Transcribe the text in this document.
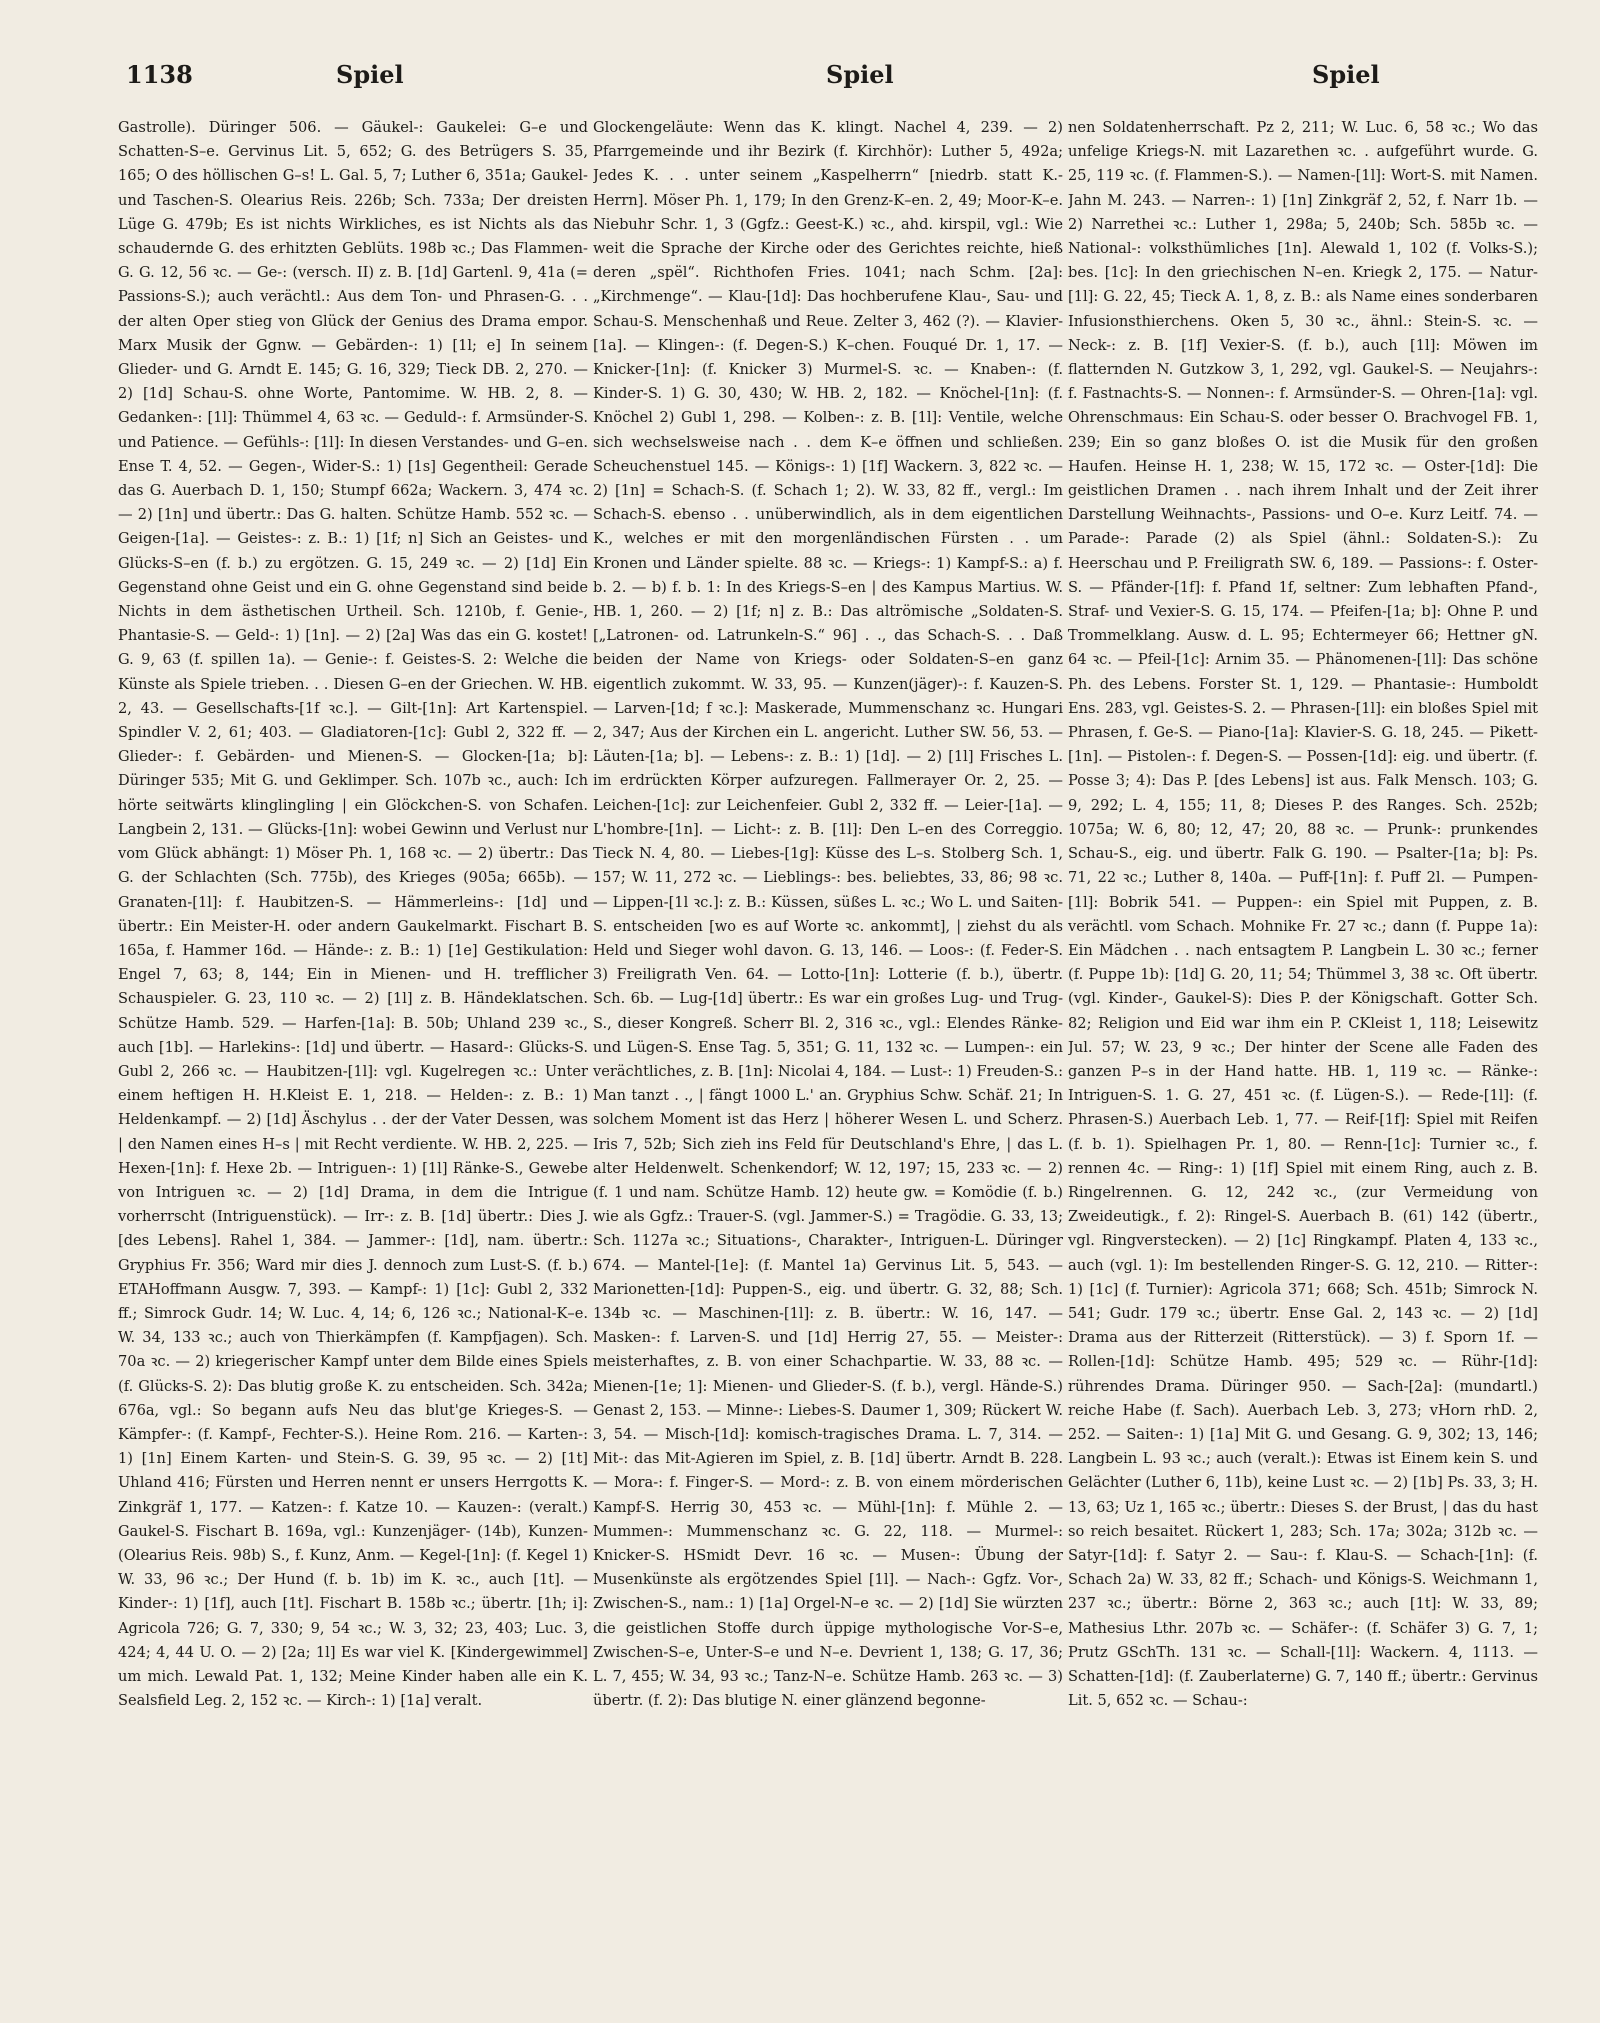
1138	Spiel	Spiel	Spiel

Gastrolle). Düringer 506. — Gäukel-: Gaukelei: G–e und Schatten-S–e. Gervinus Lit. 5, 652; G. des Betrügers S. 35, 165; O des höllischen G–s! L. Gal. 5, 7; Luther 6, 351a; Gaukel- und Taschen-S. Olearius Reis. 226b; Sch. 733a; Der dreisten Lüge G. 479b; Es ist nichts Wirkliches, es ist Nichts als das schaudernde G. des erhitzten Geblüts. 198b ꝛc.; Das Flammen-G. G. 12, 56 ꝛc. — Ge-: (versch. II) z. B. [1d] Gartenl. 9, 41a (= Passions-S.); auch verächtl.: Aus dem Ton- und Phrasen-G. . . der alten Oper stieg von Glück der Genius des Drama empor. Marx Musik der Ggnw. — Gebärden-: 1) [1l; e] In seinem Glieder- und G. Arndt E. 145; G. 16, 329; Tieck DB. 2, 270. — 2) [1d] Schau-S. ohne Worte, Pantomime. W. HB. 2, 8. — Gedanken-: [1l]: Thümmel 4, 63 ꝛc. — Geduld-: f. Armsünder-S. und Patience. — Gefühls-: [1l]: In diesen Verstandes- und G–en. Ense T. 4, 52. — Gegen-, Wider-S.: 1) [1s] Gegentheil: Gerade das G. Auerbach D. 1, 150; Stumpf 662a; Wackern. 3, 474 ꝛc. — 2) [1n] und übertr.: Das G. halten. Schütze Hamb. 552 ꝛc. — Geigen-[1a]. — Geistes-: z. B.: 1) [1f; n] Sich an Geistes- und Glücks-S–en (f. b.) zu ergötzen. G. 15, 249 ꝛc. — 2) [1d] Ein Gegenstand ohne Geist und ein G. ohne Gegenstand sind beide Nichts in dem ästhetischen Urtheil. Sch. 1210b, f. Genie-, Phantasie-S. — Geld-: 1) [1n]. — 2) [2a] Was das ein G. kostet! G. 9, 63 (f. spillen 1a). — Genie-: f. Geistes-S. 2: Welche die Künste als Spiele trieben. . . Diesen G–en der Griechen. W. HB. 2, 43. — Gesellschafts-[1f ꝛc.]. — Gilt-[1n]: Art Kartenspiel. Spindler V. 2, 61; 403. — Gladiatoren-[1c]: Gubl 2, 322 ff. — Glieder-: f. Gebärden- und Mienen-S. — Glocken-[1a; b]: Düringer 535; Mit G. und Geklimper. Sch. 107b ꝛc., auch: Ich hörte seitwärts klinglingling | ein Glöckchen-S. von Schafen. Langbein 2, 131. — Glücks-[1n]: wobei Gewinn und Verlust nur vom Glück abhängt: 1) Möser Ph. 1, 168 ꝛc. — 2) übertr.: Das G. der Schlachten (Sch. 775b), des Krieges (905a; 665b). — Granaten-[1l]: f. Haubitzen-S. — Hämmerleins-: [1d] und übertr.: Ein Meister-H. oder andern Gaukelmarkt. Fischart B. 165a, f. Hammer 16d. — Hände-: z. B.: 1) [1e] Gestikulation: Engel 7, 63; 8, 144; Ein in Mienen- und H. trefflicher Schauspieler. G. 23, 110 ꝛc. — 2) [1l] z. B. Händeklatschen. Schütze Hamb. 529. — Harfen-[1a]: B. 50b; Uhland 239 ꝛc., auch [1b]. — Harlekins-: [1d] und übertr. — Hasard-: Glücks-S. Gubl 2, 266 ꝛc. — Haubitzen-[1l]: vgl. Kugelregen ꝛc.: Unter einem heftigen H. H.Kleist E. 1, 218. — Helden-: z. B.: 1) Heldenkampf. — 2) [1d] Äschylus . . der der Vater Dessen, was | den Namen eines H–s | mit Recht verdiente. W. HB. 2, 225. — Hexen-[1n]: f. Hexe 2b. — Intriguen-: 1) [1l] Ränke-S., Gewebe von Intriguen ꝛc. — 2) [1d] Drama, in dem die Intrigue vorherrscht (Intriguenstück). — Irr-: z. B. [1d] übertr.: Dies J. [des Lebens]. Rahel 1, 384. — Jammer-: [1d], nam. übertr.: Gryphius Fr. 356; Ward mir dies J. dennoch zum Lust-S. (f. b.) ETAHoffmann Ausgw. 7, 393. — Kampf-: 1) [1c]: Gubl 2, 332 ff.; Simrock Gudr. 14; W. Luc. 4, 14; 6, 126 ꝛc.; National-K–e. W. 34, 133 ꝛc.; auch von Thierkämpfen (f. Kampfjagen). Sch. 70a ꝛc. — 2) kriegerischer Kampf unter dem Bilde eines Spiels (f. Glücks-S. 2): Das blutig große K. zu entscheiden. Sch. 342a; 676a, vgl.: So begann aufs Neu das blut'ge Krieges-S. — Kämpfer-: (f. Kampf-, Fechter-S.). Heine Rom. 216. — Karten-: 1) [1n] Einem Karten- und Stein-S. G. 39, 95 ꝛc. — 2) [1t] Uhland 416; Fürsten und Herren nennt er unsers Herrgotts K. Zinkgräf 1, 177. — Katzen-: f. Katze 10. — Kauzen-: (veralt.) Gaukel-S. Fischart B. 169a, vgl.: Kunzenjäger- (14b), Kunzen- (Olearius Reis. 98b) S., f. Kunz, Anm. — Kegel-[1n]: (f. Kegel 1) W. 33, 96 ꝛc.; Der Hund (f. b. 1b) im K. ꝛc., auch [1t]. — Kinder-: 1) [1f], auch [1t]. Fischart B. 158b ꝛc.; übertr. [1h; i]: Agricola 726; G. 7, 330; 9, 54 ꝛc.; W. 3, 32; 23, 403; Luc. 3, 424; 4, 44 U. O. — 2) [2a; 1l] Es war viel K. [Kindergewimmel] um mich. Lewald Pat. 1, 132; Meine Kinder haben alle ein K. Sealsfield Leg. 2, 152 ꝛc. — Kirch-: 1) [1a] veralt.

Glockengeläute: Wenn das K. klingt. Nachel 4, 239. — 2) Pfarrgemeinde und ihr Bezirk (f. Kirchhör): Luther 5, 492a; Jedes K. . . unter seinem „Kaspelherrn“ [niedrb. statt K.-Herrn]. Möser Ph. 1, 179; In den Grenz-K–en. 2, 49; Moor-K–e. Niebuhr Schr. 1, 3 (Ggfz.: Geest-K.) ꝛc., ahd. kirspil, vgl.: Wie weit die Sprache der Kirche oder des Gerichtes reichte, hieß deren „spël“. Richthofen Fries. 1041; nach Schm. [2a]: „Kirchmenge“. — Klau-[1d]: Das hochberufene Klau-, Sau- und Schau-S. Menschenhaß und Reue. Zelter 3, 462 (?). — Klavier-[1a]. — Klingen-: (f. Degen-S.) K–chen. Fouqué Dr. 1, 17. — Knicker-[1n]: (f. Knicker 3) Murmel-S. ꝛc. — Knaben-: (f. Kinder-S. 1) G. 30, 430; W. HB. 2, 182. — Knöchel-[1n]: (f. Knöchel 2) Gubl 1, 298. — Kolben-: z. B. [1l]: Ventile, welche sich wechselsweise nach . . dem K–e öffnen und schließen. Scheuchenstuel 145. — Königs-: 1) [1f] Wackern. 3, 822 ꝛc. — 2) [1n] = Schach-S. (f. Schach 1; 2). W. 33, 82 ff., vergl.: Im Schach-S. ebenso . . unüberwindlich, als in dem eigentlichen K., welches er mit den morgenländischen Fürsten . . um Kronen und Länder spielte. 88 ꝛc. — Kriegs-: 1) Kampf-S.: a) f. b. 2. — b) f. b. 1: In des Kriegs-S–en | des Kampus Martius. W. HB. 1, 260. — 2) [1f; n] z. B.: Das altrömische „Soldaten-S. [„Latronen- od. Latrunkeln-S.“ 96] . ., das Schach-S. . . Daß beiden der Name von Kriegs- oder Soldaten-S–en ganz eigentlich zukommt. W. 33, 95. — Kunzen(jäger)-: f. Kauzen-S. — Larven-[1d; f ꝛc.]: Maskerade, Mummenschanz ꝛc. Hungari 2, 347; Aus der Kirchen ein L. angericht. Luther SW. 56, 53. — Läuten-[1a; b]. — Lebens-: z. B.: 1) [1d]. — 2) [1l] Frisches L. im erdrückten Körper aufzuregen. Fallmerayer Or. 2, 25. — Leichen-[1c]: zur Leichenfeier. Gubl 2, 332 ff. — Leier-[1a]. — L'hombre-[1n]. — Licht-: z. B. [1l]: Den L–en des Correggio. Tieck N. 4, 80. — Liebes-[1g]: Küsse des L–s. Stolberg Sch. 1, 157; W. 11, 272 ꝛc. — Lieblings-: bes. beliebtes, 33, 86; 98 ꝛc. — Lippen-[1l ꝛc.]: z. B.: Küssen, süßes L. ꝛc.; Wo L. und Saiten-S. entscheiden [wo es auf Worte ꝛc. ankommt], | ziehst du als Held und Sieger wohl davon. G. 13, 146. — Loos-: (f. Feder-S. 3) Freiligrath Ven. 64. — Lotto-[1n]: Lotterie (f. b.), übertr. Sch. 6b. — Lug-[1d] übertr.: Es war ein großes Lug- und Trug-S., dieser Kongreß. Scherr Bl. 2, 316 ꝛc., vgl.: Elendes Ränke- und Lügen-S. Ense Tag. 5, 351; G. 11, 132 ꝛc. — Lumpen-: ein verächtliches, z. B. [1n]: Nicolai 4, 184. — Lust-: 1) Freuden-S.: Man tanzt . ., | fängt 1000 L.' an. Gryphius Schw. Schäf. 21; In solchem Moment ist das Herz | höherer Wesen L. und Scherz. Iris 7, 52b; Sich zieh ins Feld für Deutschland's Ehre, | das L. alter Heldenwelt. Schenkendorf; W. 12, 197; 15, 233 ꝛc. — 2) (f. 1 und nam. Schütze Hamb. 12) heute gw. = Komödie (f. b.) wie als Ggfz.: Trauer-S. (vgl. Jammer-S.) = Tragödie. G. 33, 13; Sch. 1127a ꝛc.; Situations-, Charakter-, Intriguen-L. Düringer 674. — Mantel-[1e]: (f. Mantel 1a) Gervinus Lit. 5, 543. — Marionetten-[1d]: Puppen-S., eig. und übertr. G. 32, 88; Sch. 134b ꝛc. — Maschinen-[1l]: z. B. übertr.: W. 16, 147. — Masken-: f. Larven-S. und [1d] Herrig 27, 55. — Meister-: meisterhaftes, z. B. von einer Schachpartie. W. 33, 88 ꝛc. — Mienen-[1e; 1]: Mienen- und Glieder-S. (f. b.), vergl. Hände-S.) Genast 2, 153. — Minne-: Liebes-S. Daumer 1, 309; Rückert W. 3, 54. — Misch-[1d]: komisch-tragisches Drama. L. 7, 314. — Mit-: das Mit-Agieren im Spiel, z. B. [1d] übertr. Arndt B. 228. — Mora-: f. Finger-S. — Mord-: z. B. von einem mörderischen Kampf-S. Herrig 30, 453 ꝛc. — Mühl-[1n]: f. Mühle 2. — Mummen-: Mummenschanz ꝛc. G. 22, 118. — Murmel-: Knicker-S. HSmidt Devr. 16 ꝛc. — Musen-: Übung der Musenkünste als ergötzendes Spiel [1l]. — Nach-: Ggfz. Vor-, Zwischen-S., nam.: 1) [1a] Orgel-N–e ꝛc. — 2) [1d] Sie würzten die geistlichen Stoffe durch üppige mythologische Vor-S–e, Zwischen-S–e, Unter-S–e und N–e. Devrient 1, 138; G. 17, 36; L. 7, 455; W. 34, 93 ꝛc.; Tanz-N–e. Schütze Hamb. 263 ꝛc. — 3) übertr. (f. 2): Das blutige N. einer glänzend begonne-

nen Soldatenherrschaft. Pz 2, 211; W. Luc. 6, 58 ꝛc.; Wo das unfelige Kriegs-N. mit Lazarethen ꝛc. . aufgeführt wurde. G. 25, 119 ꝛc. (f. Flammen-S.). — Namen-[1l]: Wort-S. mit Namen. Jahn M. 243. — Narren-: 1) [1n] Zinkgräf 2, 52, f. Narr 1b. — 2) Narrethei ꝛc.: Luther 1, 298a; 5, 240b; Sch. 585b ꝛc. — National-: volksthümliches [1n]. Alewald 1, 102 (f. Volks-S.); bes. [1c]: In den griechischen N–en. Kriegk 2, 175. — Natur-[1l]: G. 22, 45; Tieck A. 1, 8, z. B.: als Name eines sonderbaren Infusionsthierchens. Oken 5, 30 ꝛc., ähnl.: Stein-S. ꝛc. — Neck-: z. B. [1f] Vexier-S. (f. b.), auch [1l]: Möwen im flatternden N. Gutzkow 3, 1, 292, vgl. Gaukel-S. — Neujahrs-: f. Fastnachts-S. — Nonnen-: f. Armsünder-S. — Ohren-[1a]: vgl. Ohrenschmaus: Ein Schau-S. oder besser O. Brachvogel FB. 1, 239; Ein so ganz bloßes O. ist die Musik für den großen Haufen. Heinse H. 1, 238; W. 15, 172 ꝛc. — Oster-[1d]: Die geistlichen Dramen . . nach ihrem Inhalt und der Zeit ihrer Darstellung Weihnachts-, Passions- und O–e. Kurz Leitf. 74. — Parade-: Parade (2) als Spiel (ähnl.: Soldaten-S.): Zu Heerschau und P. Freiligrath SW. 6, 189. — Passions-: f. Oster-S. — Pfänder-[1f]: f. Pfand 1f, seltner: Zum lebhaften Pfand-, Straf- und Vexier-S. G. 15, 174. — Pfeifen-[1a; b]: Ohne P. und Trommelklang. Ausw. d. L. 95; Echtermeyer 66; Hettner gN. 64 ꝛc. — Pfeil-[1c]: Arnim 35. — Phänomenen-[1l]: Das schöne Ph. des Lebens. Forster St. 1, 129. — Phantasie-: Humboldt Ens. 283, vgl. Geistes-S. 2. — Phrasen-[1l]: ein bloßes Spiel mit Phrasen, f. Ge-S. — Piano-[1a]: Klavier-S. G. 18, 245. — Pikett-[1n]. — Pistolen-: f. Degen-S. — Possen-[1d]: eig. und übertr. (f. Posse 3; 4): Das P. [des Lebens] ist aus. Falk Mensch. 103; G. 9, 292; L. 4, 155; 11, 8; Dieses P. des Ranges. Sch. 252b; 1075a; W. 6, 80; 12, 47; 20, 88 ꝛc. — Prunk-: prunkendes Schau-S., eig. und übertr. Falk G. 190. — Psalter-[1a; b]: Ps. 71, 22 ꝛc.; Luther 8, 140a. — Puff-[1n]: f. Puff 2l. — Pumpen-[1l]: Bobrik 541. — Puppen-: ein Spiel mit Puppen, z. B. verächtl. vom Schach. Mohnike Fr. 27 ꝛc.; dann (f. Puppe 1a): Ein Mädchen . . nach entsagtem P. Langbein L. 30 ꝛc.; ferner (f. Puppe 1b): [1d] G. 20, 11; 54; Thümmel 3, 38 ꝛc. Oft übertr. (vgl. Kinder-, Gaukel-S): Dies P. der Königschaft. Gotter Sch. 82; Religion und Eid war ihm ein P. CKleist 1, 118; Leisewitz Jul. 57; W. 23, 9 ꝛc.; Der hinter der Scene alle Faden des ganzen P–s in der Hand hatte. HB. 1, 119 ꝛc. — Ränke-: Intriguen-S. 1. G. 27, 451 ꝛc. (f. Lügen-S.). — Rede-[1l]: (f. Phrasen-S.) Auerbach Leb. 1, 77. — Reif-[1f]: Spiel mit Reifen (f. b. 1). Spielhagen Pr. 1, 80. — Renn-[1c]: Turnier ꝛc., f. rennen 4c. — Ring-: 1) [1f] Spiel mit einem Ring, auch z. B. Ringelrennen. G. 12, 242 ꝛc., (zur Vermeidung von Zweideutigk., f. 2): Ringel-S. Auerbach B. (61) 142 (übertr., vgl. Ringverstecken). — 2) [1c] Ringkampf. Platen 4, 133 ꝛc., auch (vgl. 1): Im bestellenden Ringer-S. G. 12, 210. — Ritter-: 1) [1c] (f. Turnier): Agricola 371; 668; Sch. 451b; Simrock N. 541; Gudr. 179 ꝛc.; übertr. Ense Gal. 2, 143 ꝛc. — 2) [1d] Drama aus der Ritterzeit (Ritterstück). — 3) f. Sporn 1f. — Rollen-[1d]: Schütze Hamb. 495; 529 ꝛc. — Rühr-[1d]: rührendes Drama. Düringer 950. — Sach-[2a]: (mundartl.) reiche Habe (f. Sach). Auerbach Leb. 3, 273; vHorn rhD. 2, 252. — Saiten-: 1) [1a] Mit G. und Gesang. G. 9, 302; 13, 146; Langbein L. 93 ꝛc.; auch (veralt.): Etwas ist Einem kein S. und Gelächter (Luther 6, 11b), keine Lust ꝛc. — 2) [1b] Ps. 33, 3; H. 13, 63; Uz 1, 165 ꝛc.; übertr.: Dieses S. der Brust, | das du hast so reich besaitet. Rückert 1, 283; Sch. 17a; 302a; 312b ꝛc. — Satyr-[1d]: f. Satyr 2. — Sau-: f. Klau-S. — Schach-[1n]: (f. Schach 2a) W. 33, 82 ff.; Schach- und Königs-S. Weichmann 1, 237 ꝛc.; übertr.: Börne 2, 363 ꝛc.; auch [1t]: W. 33, 89; Mathesius Lthr. 207b ꝛc. — Schäfer-: (f. Schäfer 3) G. 7, 1; Prutz GSchTh. 131 ꝛc. — Schall-[1l]: Wackern. 4, 1113. — Schatten-[1d]: (f. Zauberlaterne) G. 7, 140 ff.; übertr.: Gervinus Lit. 5, 652 ꝛc. — Schau-:
